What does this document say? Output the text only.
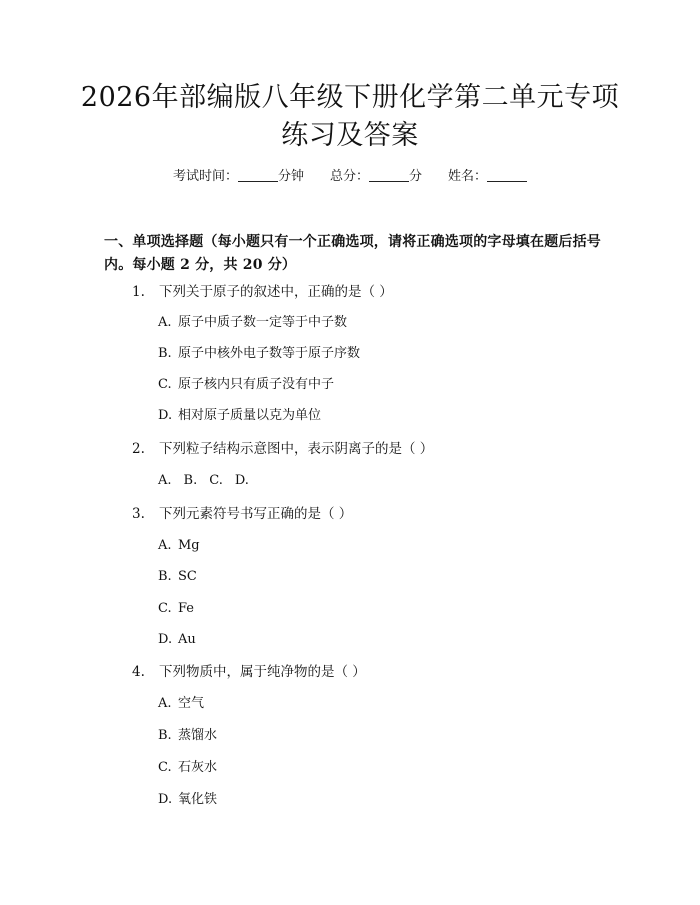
2026年部编版八年级下册化学第二单元专项
练习及答案
考试时间：	分钟 总分：	分 姓名：
一、单项选择题（每小题只有一个正确选项，请将正确选项的字母填在题后括号
内。每小题 2 分，共 20 分）
1. 下列关于原子的叙述中，正确的是（ ）
A. 原子中质子数一定等于中子数
B. 原子中核外电子数等于原子序数
C. 原子核内只有质子没有中子
D. 相对原子质量以克为单位
2. 下列粒子结构示意图中，表示阴离子的是（ ）
A. B. C. D.
3. 下列元素符号书写正确的是（ ）
A. Mg
B. SC
C. Fe
D. Au
4. 下列物质中，属于纯净物的是（ ）
A. 空气
B. 蒸馏水
C. 石灰水
D. 氧化铁
